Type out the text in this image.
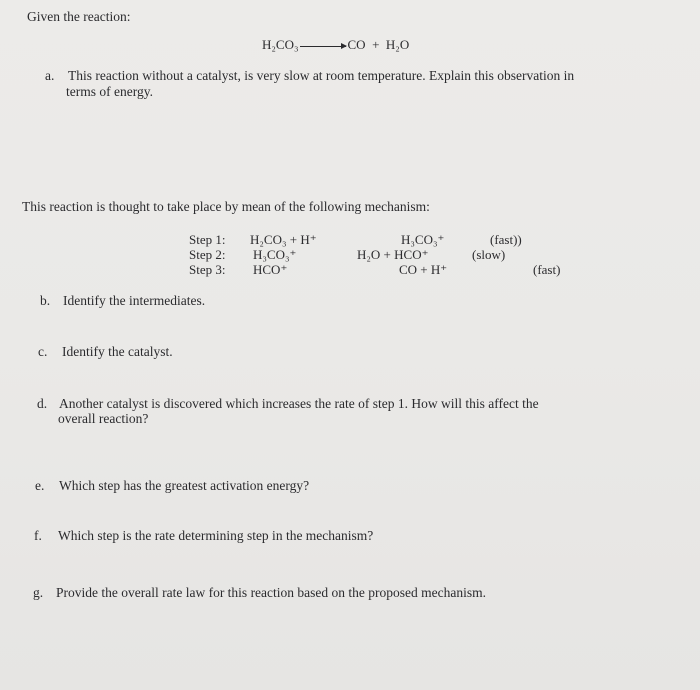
Given the reaction:
H₂CO₃→ CO + H₂O
a. This reaction without a catalyst, is very slow at room temperature. Explain this observation in
terms of energy.
This reaction is thought to take place by mean of the following mechanism:
Step 1: H₂CO₃ + H⁺	H₃CO₃⁺	(fast))
Step 2: H₃CO₃⁺	H₂O + HCO⁺	(slow)
Step 3: HCO⁺	CO + H⁺	(fast)
b. Identify the intermediates.
c. Identify the catalyst.
d. Another catalyst is discovered which increases the rate of step 1. How will this affect the
overall reaction?
e. Which step has the greatest activation energy?
f. Which step is the rate determining step in the mechanism?
g. Provide the overall rate law for this reaction based on the proposed mechanism.
